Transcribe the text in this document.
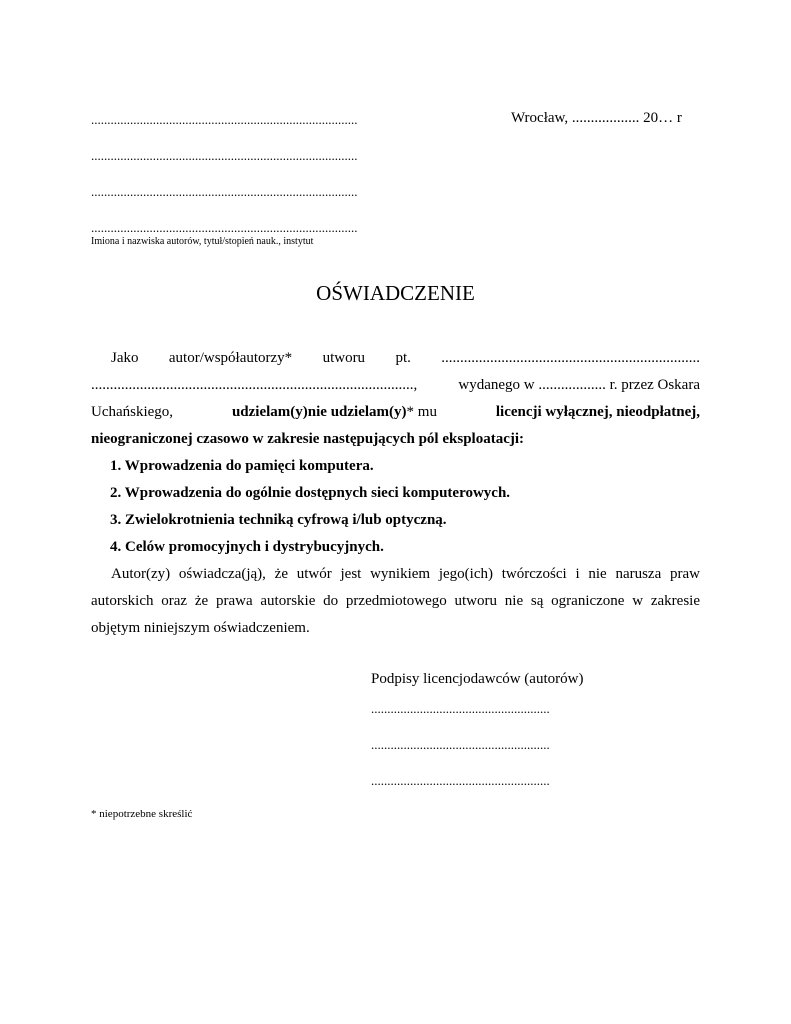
..................................................................................
..................................................................................
..................................................................................
..................................................................................
Imiona i nazwiska autorów, tytuł/stopień nauk., instytut
Wrocław, .................. 20… r
OŚWIADCZENIE
Jako autor/współautorzy* utworu pt. .....................................................................
......................................................................................,	wydanego w .................. r. przez Oskara
Uchańskiego,	udzielam(y)nie udzielam(y)* mu	licencji wyłącznej, nieodpłatnej,
nieograniczonej czasowo w zakresie następujących pól eksploatacji:
1. Wprowadzenia do pamięci komputera.
2. Wprowadzenia do ogólnie dostępnych sieci komputerowych.
3. Zwielokrotnienia techniką cyfrową i/lub optyczną.
4. Celów promocyjnych i dystrybucyjnych.
Autor(zy) oświadcza(ją), że utwór jest wynikiem jego(ich) twórczości i nie narusza praw
autorskich oraz że prawa autorskie do przedmiotowego utworu nie są ograniczone w zakresie
objętym niniejszym oświadczeniem.
Podpisy licencjodawców (autorów)
.......................................................
.......................................................
.......................................................
* niepotrzebne skreślić
